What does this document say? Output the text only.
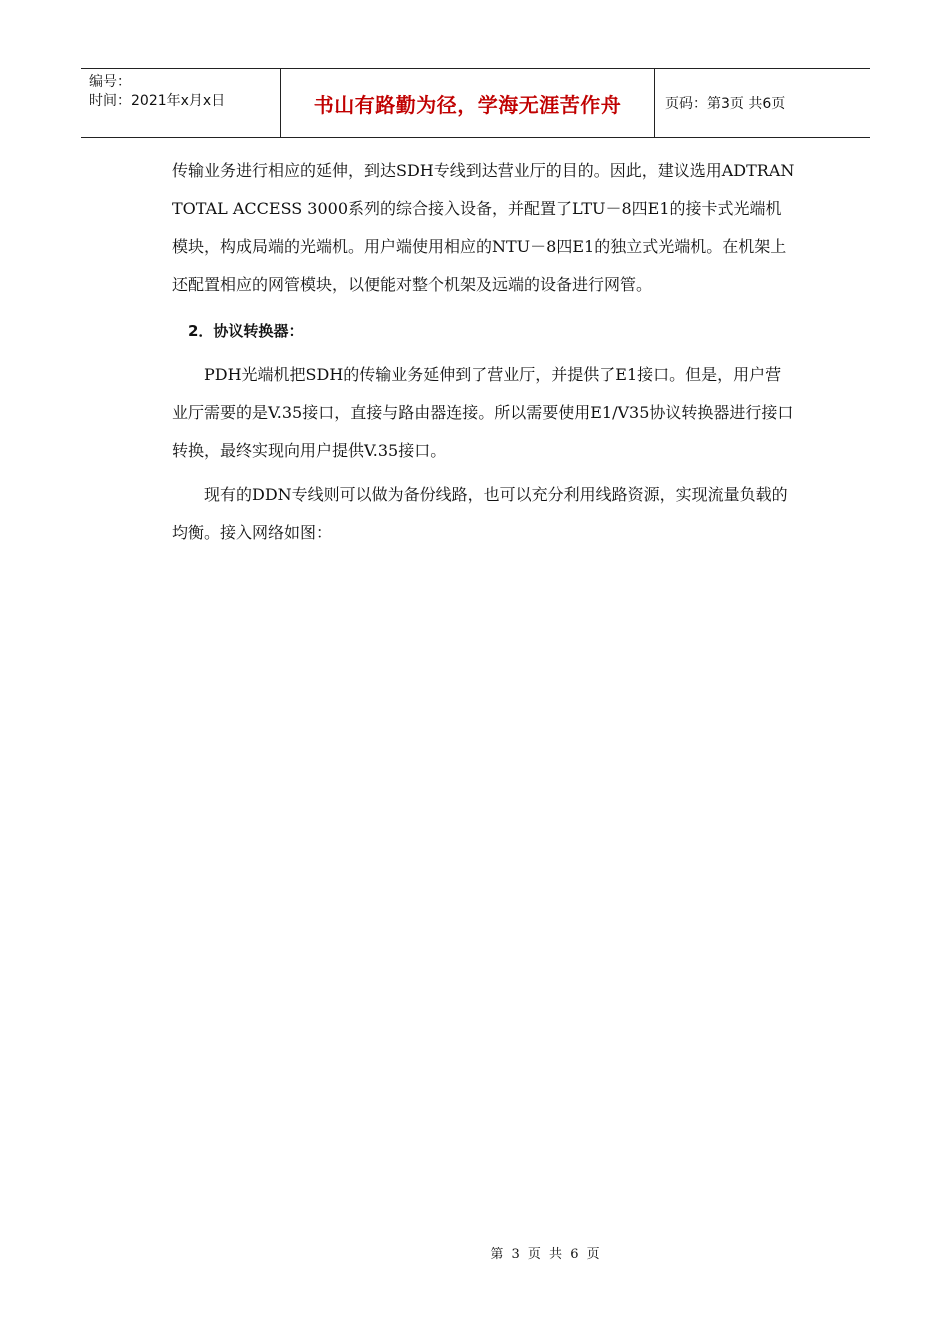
编号：
时间：2021年x月x日	书山有路勤为径，学海无涯苦作舟	页码：第3页 共6页

传输业务进行相应的延伸，到达SDH专线到达营业厅的目的。因此，建议选用ADTRAN TOTAL ACCESS 3000系列的综合接入设备，并配置了LTU－8四E1的接卡式光端机模块，构成局端的光端机。用户端使用相应的NTU－8四E1的独立式光端机。在机架上还配置相应的网管模块，以便能对整个机架及远端的设备进行网管。

2．协议转换器：

PDH光端机把SDH的传输业务延伸到了营业厅，并提供了E1接口。但是，用户营业厅需要的是V.35接口，直接与路由器连接。所以需要使用E1/V35协议转换器进行接口转换，最终实现向用户提供V.35接口。

现有的DDN专线则可以做为备份线路，也可以充分利用线路资源，实现流量负载的均衡。接入网络如图：

第 3 页 共 6 页
